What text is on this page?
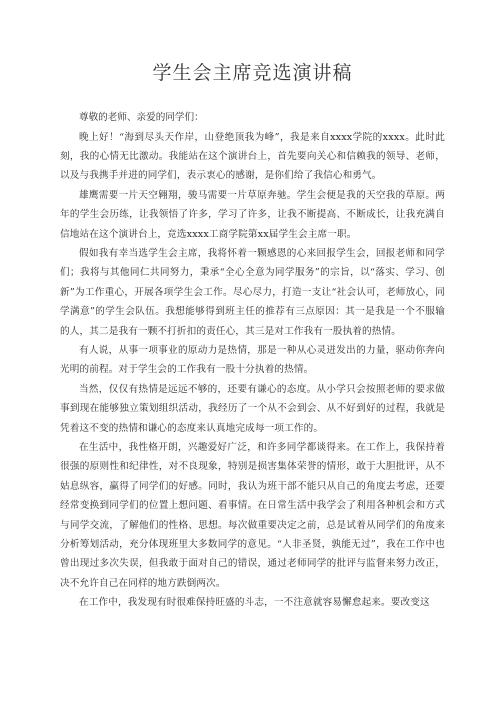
学生会主席竞选演讲稿

尊敬的老师、亲爱的同学们：

晚上好！“海到尽头天作岸，山登绝顶我为峰”，我是来自xxxx学院的xxxx。此时此刻，我的心情无比激动。我能站在这个演讲台上，首先要向关心和信赖我的领导、老师，以及与我携手并进的同学们，表示衷心的感谢，是你们给了我信心和勇气。

雄鹰需要一片天空翱翔，骏马需要一片草原奔驰。学生会便是我的天空我的草原。两年的学生会历练，让我领悟了许多，学习了许多，让我不断提高、不断成长，让我充满自信地站在这个演讲台上，竞选xxxx工商学院第xx届学生会主席一职。

假如我有幸当选学生会主席，我将怀着一颗感恩的心来回报学生会，回报老师和同学们；我将与其他同仁共同努力，秉承“全心全意为同学服务”的宗旨，以“落实、学习、创新”为工作重心，开展各项学生会工作。尽心尽力，打造一支让“社会认可，老师放心，同学满意”的学生会队伍。我想能够得到班主任的推荐有三点原因：其一是我是一个不服输的人，其二是我有一颗不打折扣的责任心，其三是对工作我有一股执着的热情。

有人说，从事一项事业的原动力是热情，那是一种从心灵迸发出的力量，驱动你奔向光明的前程。对于学生会的工作我有一股十分执着的热情。

当然，仅仅有热情是远远不够的，还要有谦心的态度。从小学只会按照老师的要求做事到现在能够独立策划组织活动，我经历了一个从不会到会、从不好到好的过程，我就是凭着这不变的热情和谦心的态度来认真地完成每一项工作的。

在生活中，我性格开朗，兴趣爱好广泛，和许多同学都谈得来。在工作上，我保持着很强的原则性和纪律性，对不良现象，特别是损害集体荣誉的情形，敢于大胆批评，从不姑息纵容，赢得了同学们的好感。同时，我认为班干部不能只从自己的角度去考虑，还要经常变换到同学们的位置上想问题、看事情。在日常生活中我学会了利用各种机会和方式与同学交流，了解他们的性格、思想。每次做重要决定之前，总是试着从同学们的角度来分析筹划活动，充分体现班里大多数同学的意见。“人非圣贤，孰能无过”，我在工作中也曾出现过多次失误，但我敢于面对自己的错误，通过老师同学的批评与监督来努力改正，决不允许自己在同样的地方跌倒两次。

在工作中，我发现有时很难保持旺盛的斗志，一不注意就容易懈怠起来。要改变这
